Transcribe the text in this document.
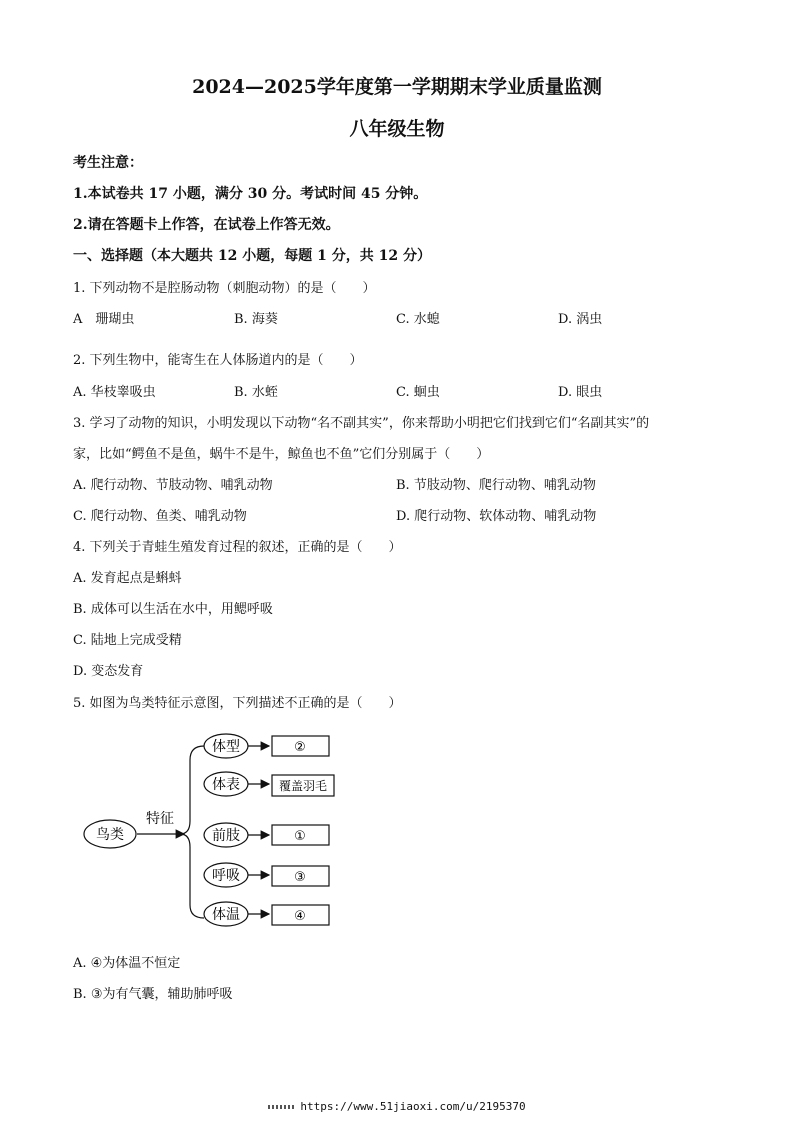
2024—2025学年度第一学期期末学业质量监测
八年级生物
考生注意：
1.本试卷共 17 小题，满分 30 分。考试时间 45 分钟。
2.请在答题卡上作答，在试卷上作答无效。
一、选择题（本大题共 12 小题，每题 1 分，共 12 分）
1. 下列动物不是腔肠动物（刺胞动物）的是（　　）
A　珊瑚虫	B. 海葵	C. 水螅	D. 涡虫
2. 下列生物中，能寄生在人体肠道内的是（　　）
A. 华枝睾吸虫	B. 水蛭	C. 蛔虫	D. 眼虫
3. 学习了动物的知识，小明发现以下动物“名不副其实”，你来帮助小明把它们找到它们“名副其实”的
家，比如“鳄鱼不是鱼，蜗牛不是牛，鲸鱼也不鱼”它们分别属于（　　）
A. 爬行动物、节肢动物、哺乳动物	B. 节肢动物、爬行动物、哺乳动物
C. 爬行动物、鱼类、哺乳动物	D. 爬行动物、软体动物、哺乳动物
4. 下列关于青蛙生殖发育过程的叙述，正确的是（　　）
A. 发育起点是蝌蚪
B. 成体可以生活在水中，用鳃呼吸
C. 陆地上完成受精
D. 变态发育
5. 如图为鸟类特征示意图，下列描述不正确的是（　　）
鸟类
特征
体型	②
体表	覆盖羽毛
前肢	①
呼吸	③
体温	④
A. ④为体温不恒定
B. ③为有气囊，辅助肺呼吸
https://www.51jiaoxi.com/u/2195370
